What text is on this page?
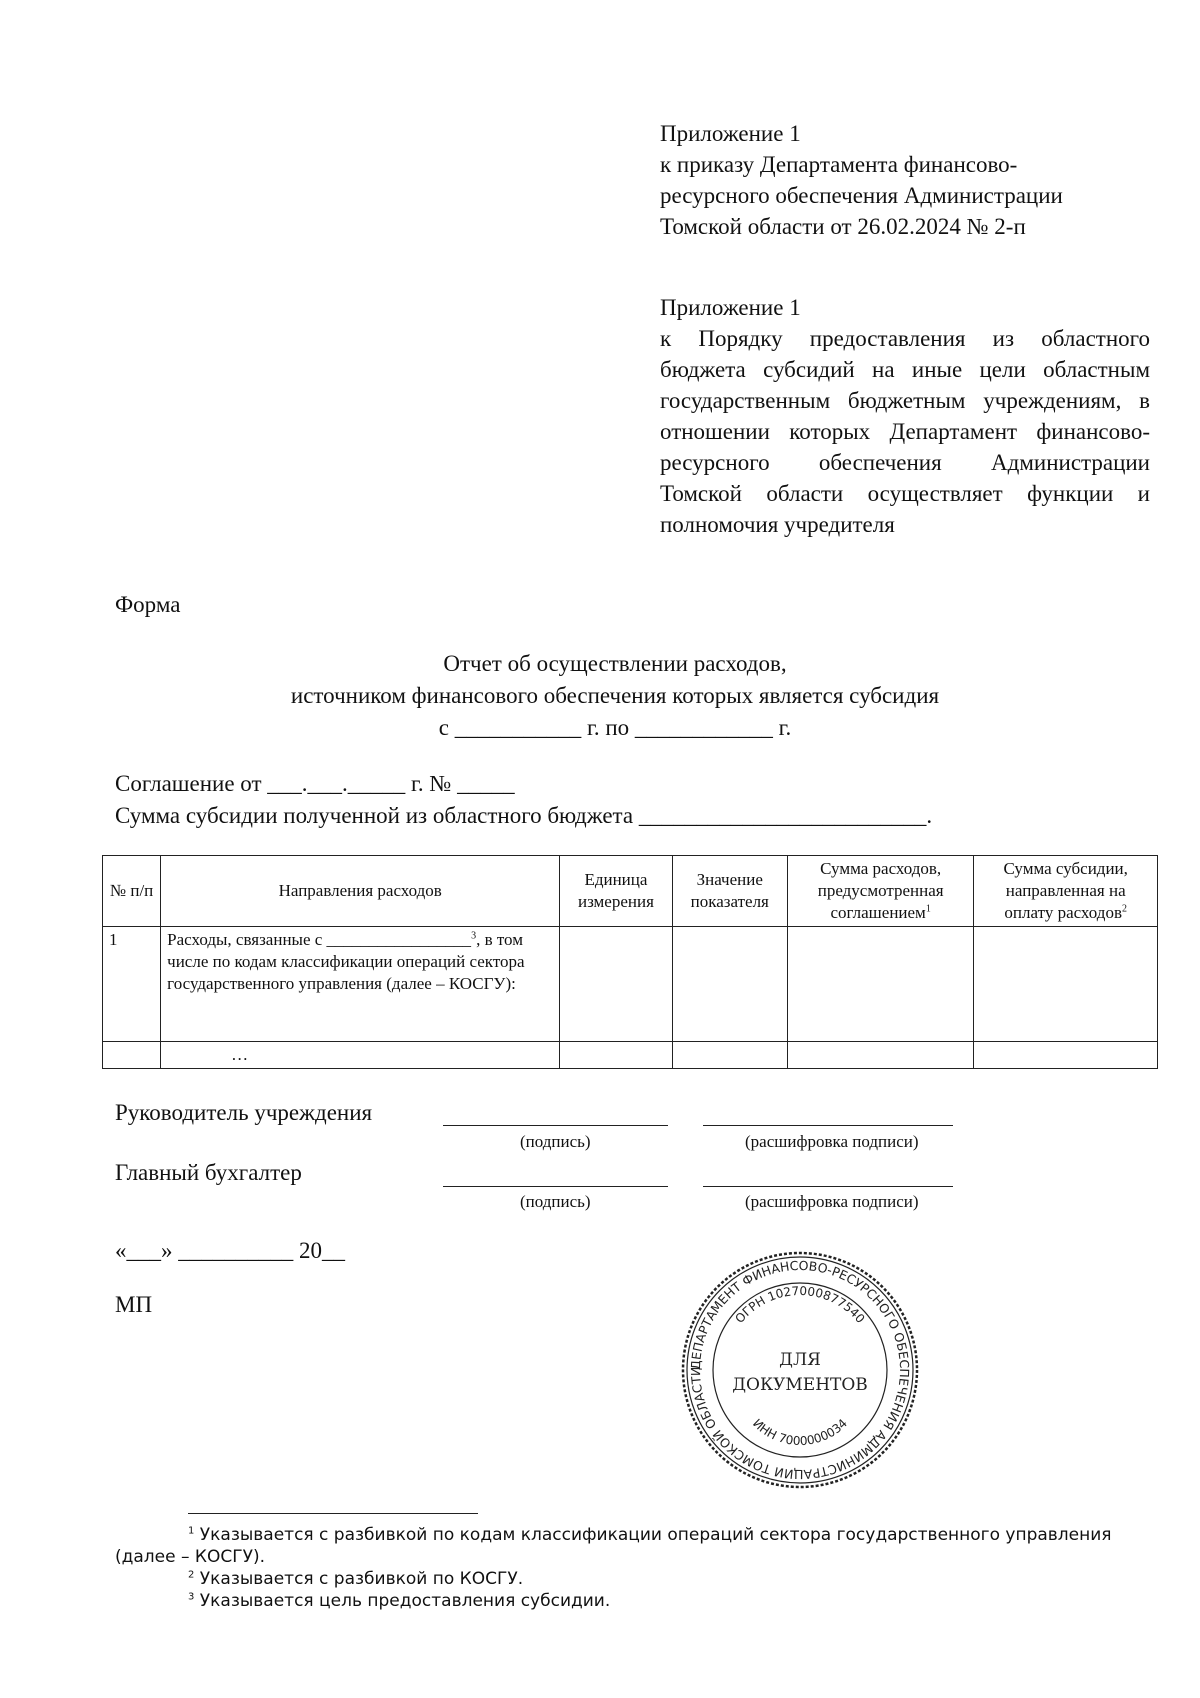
Приложение 1
к приказу Департамента финансово-
ресурсного обеспечения Администрации
Томской области от 26.02.2024 № 2-п
Приложение 1
к Порядку предоставления из областного бюджета субсидий на иные цели областным государственным бюджетным учреждениям, в отношении которых Департамент финансово-ресурсного обеспечения Администрации Томской области осуществляет функции и полномочия учредителя
Форма
Отчет об осуществлении расходов,
источником финансового обеспечения которых является субсидия
с ___________ г. по ____________ г.
Соглашение от ___.___._____ г. № _____
Сумма субсидии полученной из областного бюджета _________________________.
№ п/п	Направления расходов	Единица измерения	Значение показателя	Сумма расходов, предусмотренная соглашением$^1$	Сумма субсидии, направленная на оплату расходов$^2$
1	Расходы, связанные с _________________$^3$, в том числе по кодам классификации операций сектора государственного управления (далее – КОСГУ):				
	…				
Руководитель учреждения
(подпись)	(расшифровка подписи)
Главный бухгалтер
(подпись)	(расшифровка подписи)
«___» __________ 20__
МП
ДЕПАРТАМЕНТ ФИНАНСОВО-РЕСУРСНОГО ОБЕСПЕЧЕНИЯ АДМИНИСТРАЦИИ ТОМСКОЙ ОБЛАСТИ
ОГРН 1027000877540
ИНН 7000000034
ДЛЯ
ДОКУМЕНТОВ
$^1$ Указывается с разбивкой по кодам классификации операций сектора государственного управления (далее – КОСГУ).
$^2$ Указывается с разбивкой по КОСГУ.
$^3$ Указывается цель предоставления субсидии.
